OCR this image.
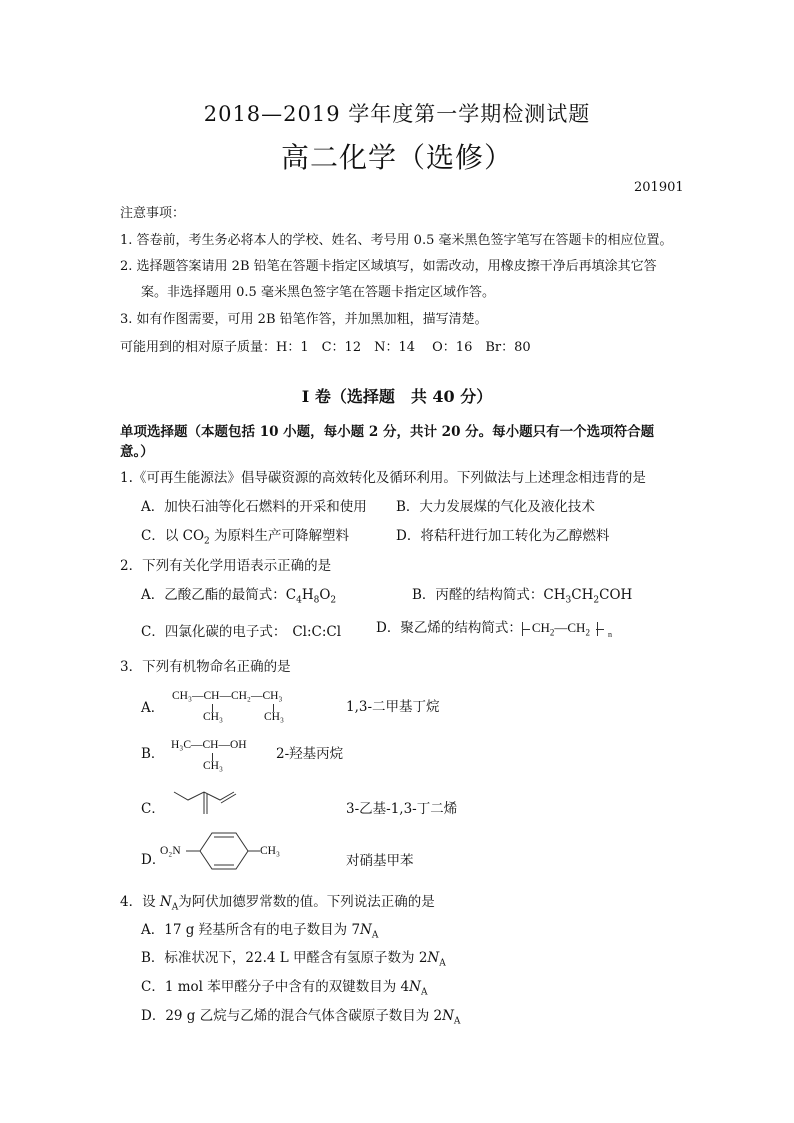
2018—2019 学年度第一学期检测试题
高二化学（选修）
201901
注意事项：
1. 答卷前，考生务必将本人的学校、姓名、考号用 0.5 毫米黑色签字笔写在答题卡的相应位置。
2. 选择题答案请用 2B 铅笔在答题卡指定区域填写，如需改动，用橡皮擦干净后再填涂其它答
案。非选择题用 0.5 毫米黑色签字笔在答题卡指定区域作答。
3. 如有作图需要，可用 2B 铅笔作答，并加黑加粗，描写清楚。
可能用到的相对原子质量：H：1　C：12　N：14　 O：16　Br：80
Ⅰ 卷（选择题　共 40 分）
单项选择题（本题包括 10 小题，每小题 2 分，共计 20 分。每小题只有一个选项符合题
意。）
1.《可再生能源法》倡导碳资源的高效转化及循环利用。下列做法与上述理念相违背的是
A．加快石油等化石燃料的开采和使用 B．大力发展煤的气化及液化技术
C．以 $CO_2$ 为原料生产可降解塑料	D．将秸秆进行加工转化为乙醇燃料
2．下列有关化学用语表示正确的是
A．乙酸乙酯的最简式：$C_4H_8O_2$	B．丙醛的结构简式：$CH_3CH_2COH$
C．四氯化碳的电子式： Cl:C:Cl	D．聚乙烯的结构简式： $CH_2—CH_2$ n
3．下列有机物命名正确的是
A．
CH₃—CH—CH₂—CH₃
CH₃	CH₃
1,3-二甲基丁烷
B．
H₃C—CH—OH
CH₃
2-羟基丙烷
C．	3-乙基-1,3-丁二烯
D．
O₂N	CH₃
对硝基甲苯
4．设 $N_A$为阿伏加德罗常数的值。下列说法正确的是
A．17 g 羟基所含有的电子数目为 $7N_A$
B．标准状况下，22.4 L 甲醛含有氢原子数为 $2N_A$
C．1 mol 苯甲醛分子中含有的双键数目为 $4N_A$
D．29 g 乙烷与乙烯的混合气体含碳原子数目为 $2N_A$
